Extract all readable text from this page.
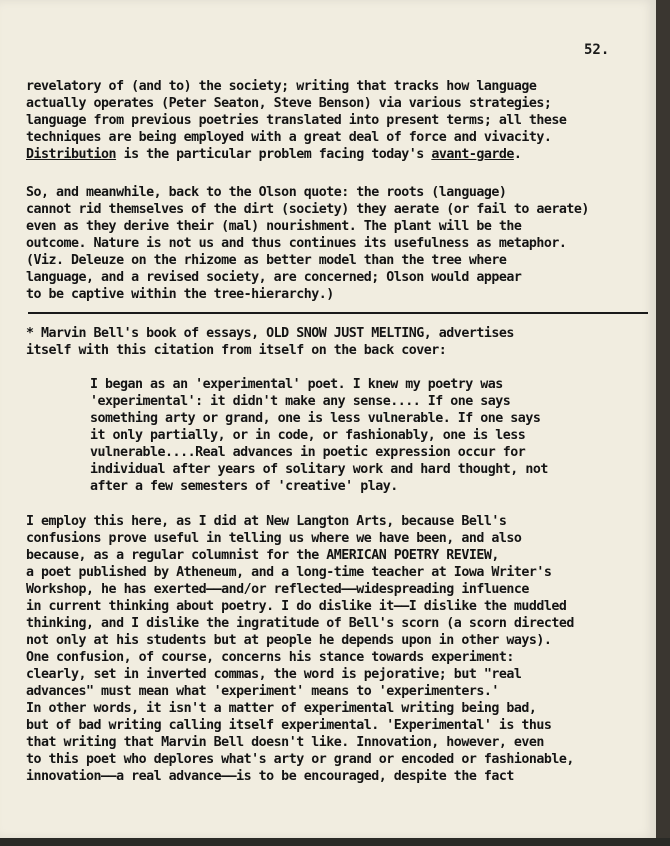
52.
revelatory of (and to) the society; writing that tracks how language
actually operates (Peter Seaton, Steve Benson) via various strategies;
language from previous poetries translated into present terms; all these
techniques are being employed with a great deal of force and vivacity.
Distribution is the particular problem facing today's avant-garde.
So, and meanwhile, back to the Olson quote: the roots (language)
cannot rid themselves of the dirt (society) they aerate (or fail to aerate)
even as they derive their (mal) nourishment. The plant will be the
outcome. Nature is not us and thus continues its usefulness as metaphor.
(Viz. Deleuze on the rhizome as better model than the tree where
language, and a revised society, are concerned; Olson would appear
to be captive within the tree-hierarchy.)
* Marvin Bell's book of essays, OLD SNOW JUST MELTING, advertises
itself with this citation from itself on the back cover:
I began as an 'experimental' poet. I knew my poetry was
'experimental': it didn't make any sense.... If one says
something arty or grand, one is less vulnerable. If one says
it only partially, or in code, or fashionably, one is less
vulnerable....Real advances in poetic expression occur for
individual after years of solitary work and hard thought, not
after a few semesters of 'creative' play.
I employ this here, as I did at New Langton Arts, because Bell's
confusions prove useful in telling us where we have been, and also
because, as a regular columnist for the AMERICAN POETRY REVIEW,
a poet published by Atheneum, and a long-time teacher at Iowa Writer's
Workshop, he has exerted——and/or reflected——widespreading influence
in current thinking about poetry. I do dislike it——I dislike the muddled
thinking, and I dislike the ingratitude of Bell's scorn (a scorn directed
not only at his students but at people he depends upon in other ways).
One confusion, of course, concerns his stance towards experiment:
clearly, set in inverted commas, the word is pejorative; but "real
advances" must mean what 'experiment' means to 'experimenters.'
In other words, it isn't a matter of experimental writing being bad,
but of bad writing calling itself experimental. 'Experimental' is thus
that writing that Marvin Bell doesn't like. Innovation, however, even
to this poet who deplores what's arty or grand or encoded or fashionable,
innovation——a real advance——is to be encouraged, despite the fact
